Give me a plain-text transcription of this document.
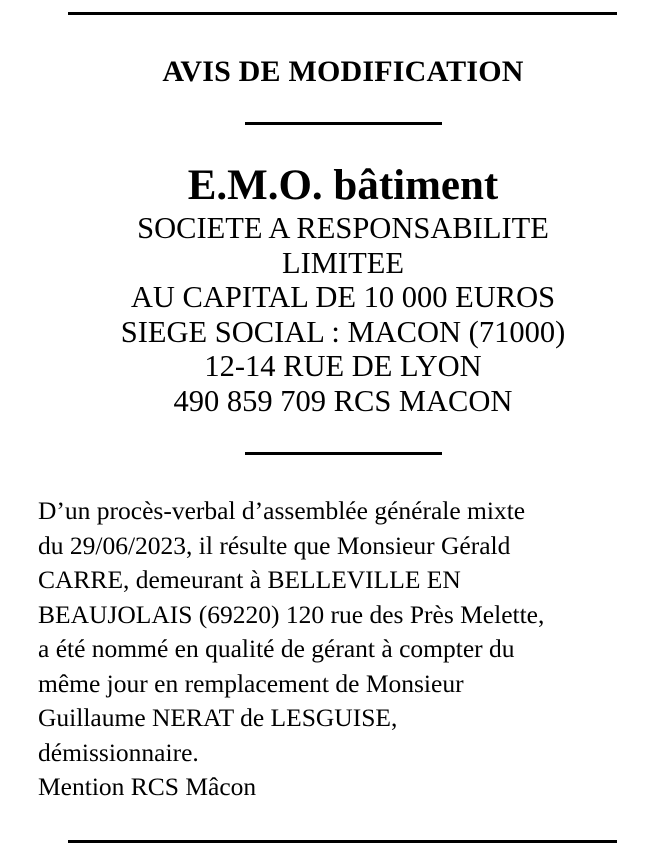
AVIS DE MODIFICATION
E.M.O. bâtiment
SOCIETE A RESPONSABILITE
LIMITEE
AU CAPITAL DE 10 000 EUROS
SIEGE SOCIAL : MACON (71000)
12-14 RUE DE LYON
490 859 709 RCS MACON
D’un procès-verbal d’assemblée générale mixte
du 29/06/2023, il résulte que Monsieur Gérald
CARRE, demeurant à BELLEVILLE EN
BEAUJOLAIS (69220) 120 rue des Près Melette,
a été nommé en qualité de gérant à compter du
même jour en remplacement de Monsieur
Guillaume NERAT de LESGUISE,
démissionnaire.
Mention RCS Mâcon
